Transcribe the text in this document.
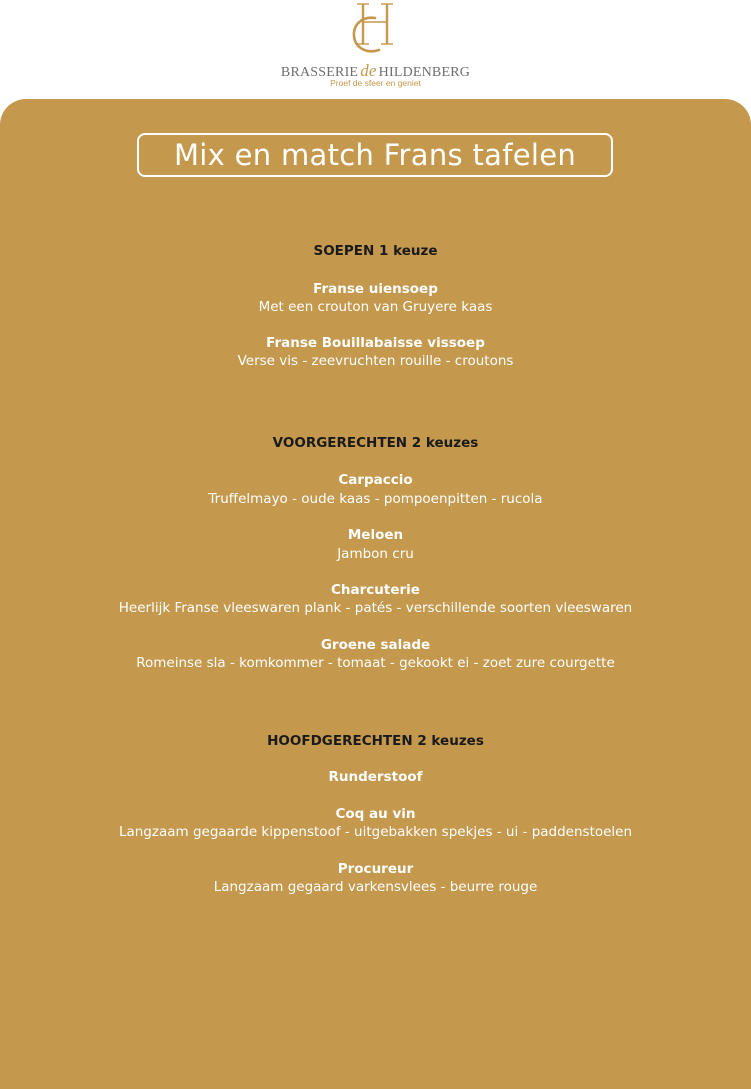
BRASSERIE de HILDENBERG
Proef de sfeer en geniet
Mix en match Frans tafelen
SOEPEN 1 keuze
Franse uiensoep
Met een crouton van Gruyere kaas
Franse Bouillabaisse vissoep
Verse vis - zeevruchten rouille - croutons
VOORGERECHTEN 2 keuzes
Carpaccio
Truffelmayo - oude kaas - pompoenpitten - rucola
Meloen
Jambon cru
Charcuterie
Heerlijk Franse vleeswaren plank - patés - verschillende soorten vleeswaren
Groene salade
Romeinse sla - komkommer - tomaat - gekookt ei - zoet zure courgette
HOOFDGERECHTEN 2 keuzes
Runderstoof
Coq au vin
Langzaam gegaarde kippenstoof - uitgebakken spekjes - ui - paddenstoelen
Procureur
Langzaam gegaard varkensvlees - beurre rouge
